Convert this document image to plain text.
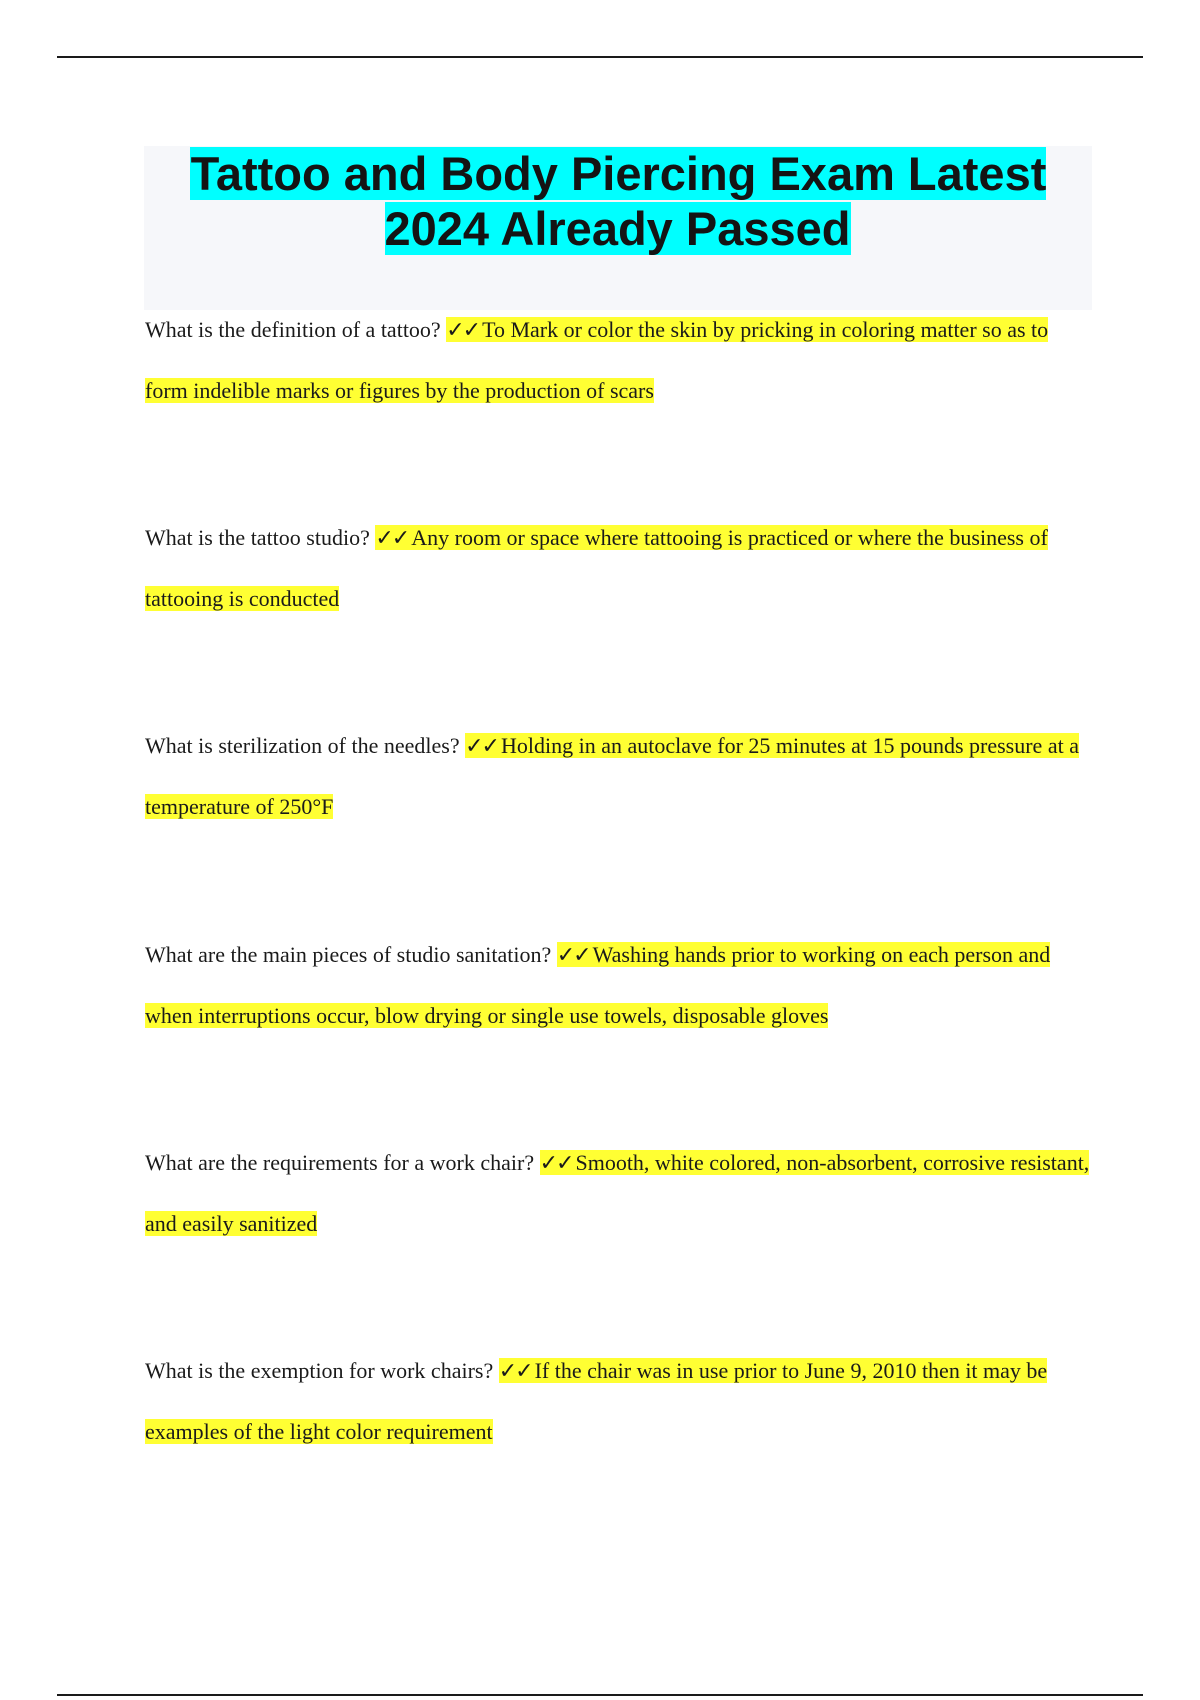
Tattoo and Body Piercing Exam Latest 2024 Already Passed

What is the definition of a tattoo? ✓✓ To Mark or color the skin by pricking in coloring matter so as to form indelible marks or figures by the production of scars

What is the tattoo studio? ✓✓ Any room or space where tattooing is practiced or where the business of tattooing is conducted

What is sterilization of the needles? ✓✓ Holding in an autoclave for 25 minutes at 15 pounds pressure at a temperature of 250°F

What are the main pieces of studio sanitation? ✓✓ Washing hands prior to working on each person and when interruptions occur, blow drying or single use towels, disposable gloves

What are the requirements for a work chair? ✓✓ Smooth, white colored, non-absorbent, corrosive resistant, and easily sanitized

What is the exemption for work chairs? ✓✓ If the chair was in use prior to June 9, 2010 then it may be examples of the light color requirement
